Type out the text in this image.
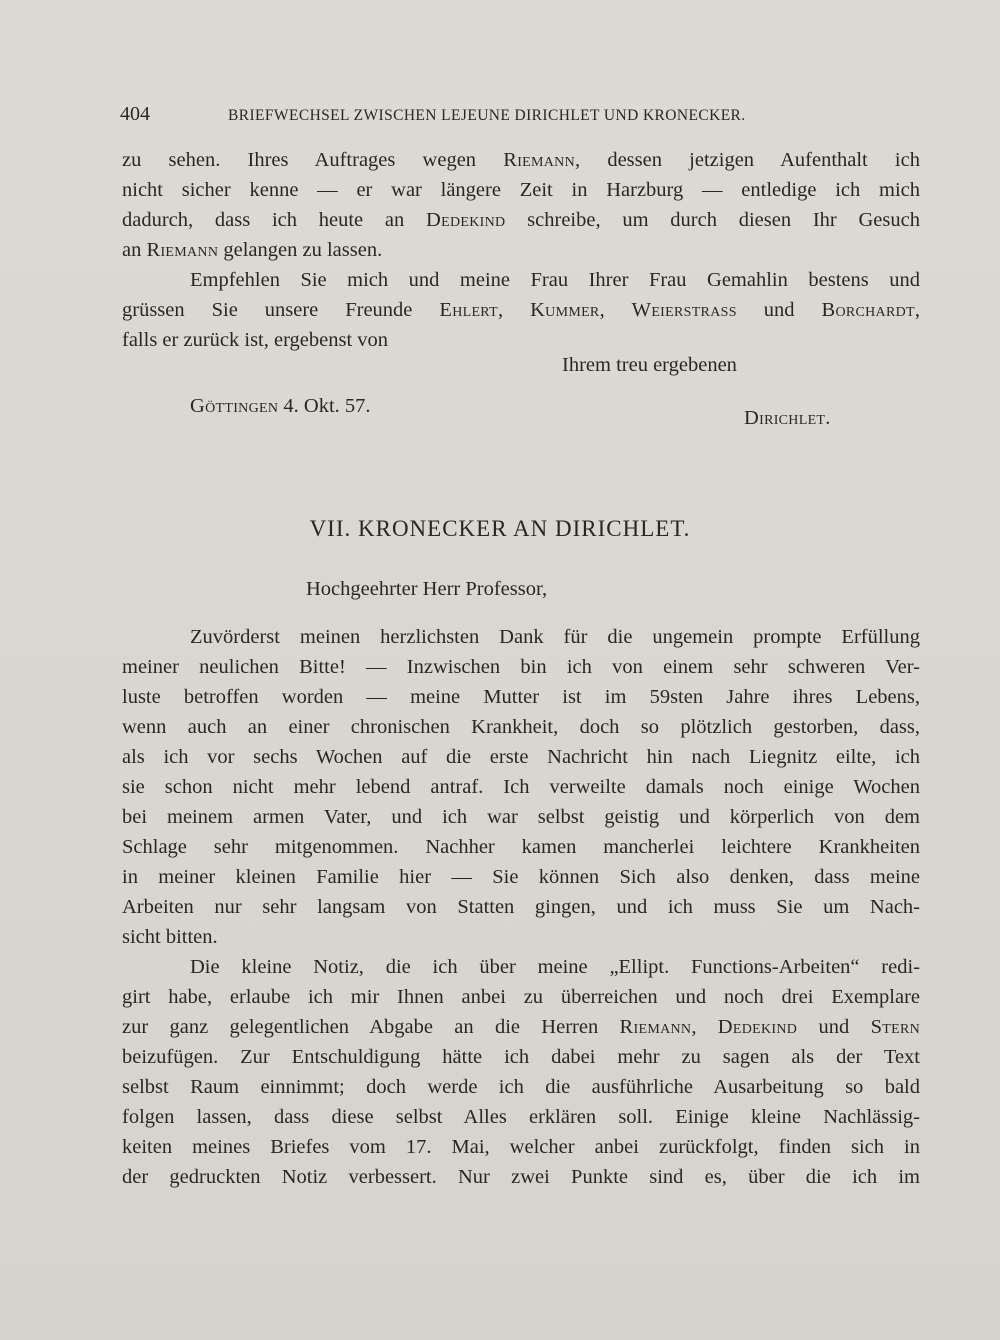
404	BRIEFWECHSEL ZWISCHEN LEJEUNE DIRICHLET UND KRONECKER.
zu sehen. Ihres Auftrages wegen Riemann, dessen jetzigen Aufenthalt ich
nicht sicher kenne — er war längere Zeit in Harzburg — entledige ich mich
dadurch, dass ich heute an Dedekind schreibe, um durch diesen Ihr Gesuch
an Riemann gelangen zu lassen.
Empfehlen Sie mich und meine Frau Ihrer Frau Gemahlin bestens und
grüssen Sie unsere Freunde Ehlert, Kummer, Weierstrass und Borchardt,
falls er zurück ist, ergebenst von
Ihrem treu ergebenen
Göttingen 4. Okt. 57.
Dirichlet.
VII. KRONECKER AN DIRICHLET.
Hochgeehrter Herr Professor,
Zuvörderst meinen herzlichsten Dank für die ungemein prompte Erfüllung
meiner neulichen Bitte! — Inzwischen bin ich von einem sehr schweren Ver-
luste betroffen worden — meine Mutter ist im 59sten Jahre ihres Lebens,
wenn auch an einer chronischen Krankheit, doch so plötzlich gestorben, dass,
als ich vor sechs Wochen auf die erste Nachricht hin nach Liegnitz eilte, ich
sie schon nicht mehr lebend antraf. Ich verweilte damals noch einige Wochen
bei meinem armen Vater, und ich war selbst geistig und körperlich von dem
Schlage sehr mitgenommen. Nachher kamen mancherlei leichtere Krankheiten
in meiner kleinen Familie hier — Sie können Sich also denken, dass meine
Arbeiten nur sehr langsam von Statten gingen, und ich muss Sie um Nach-
sicht bitten.
Die kleine Notiz, die ich über meine „Ellipt. Functions-Arbeiten“ redi-
girt habe, erlaube ich mir Ihnen anbei zu überreichen und noch drei Exemplare
zur ganz gelegentlichen Abgabe an die Herren Riemann, Dedekind und Stern
beizufügen. Zur Entschuldigung hätte ich dabei mehr zu sagen als der Text
selbst Raum einnimmt; doch werde ich die ausführliche Ausarbeitung so bald
folgen lassen, dass diese selbst Alles erklären soll. Einige kleine Nachlässig-
keiten meines Briefes vom 17. Mai, welcher anbei zurückfolgt, finden sich in
der gedruckten Notiz verbessert. Nur zwei Punkte sind es, über die ich im
